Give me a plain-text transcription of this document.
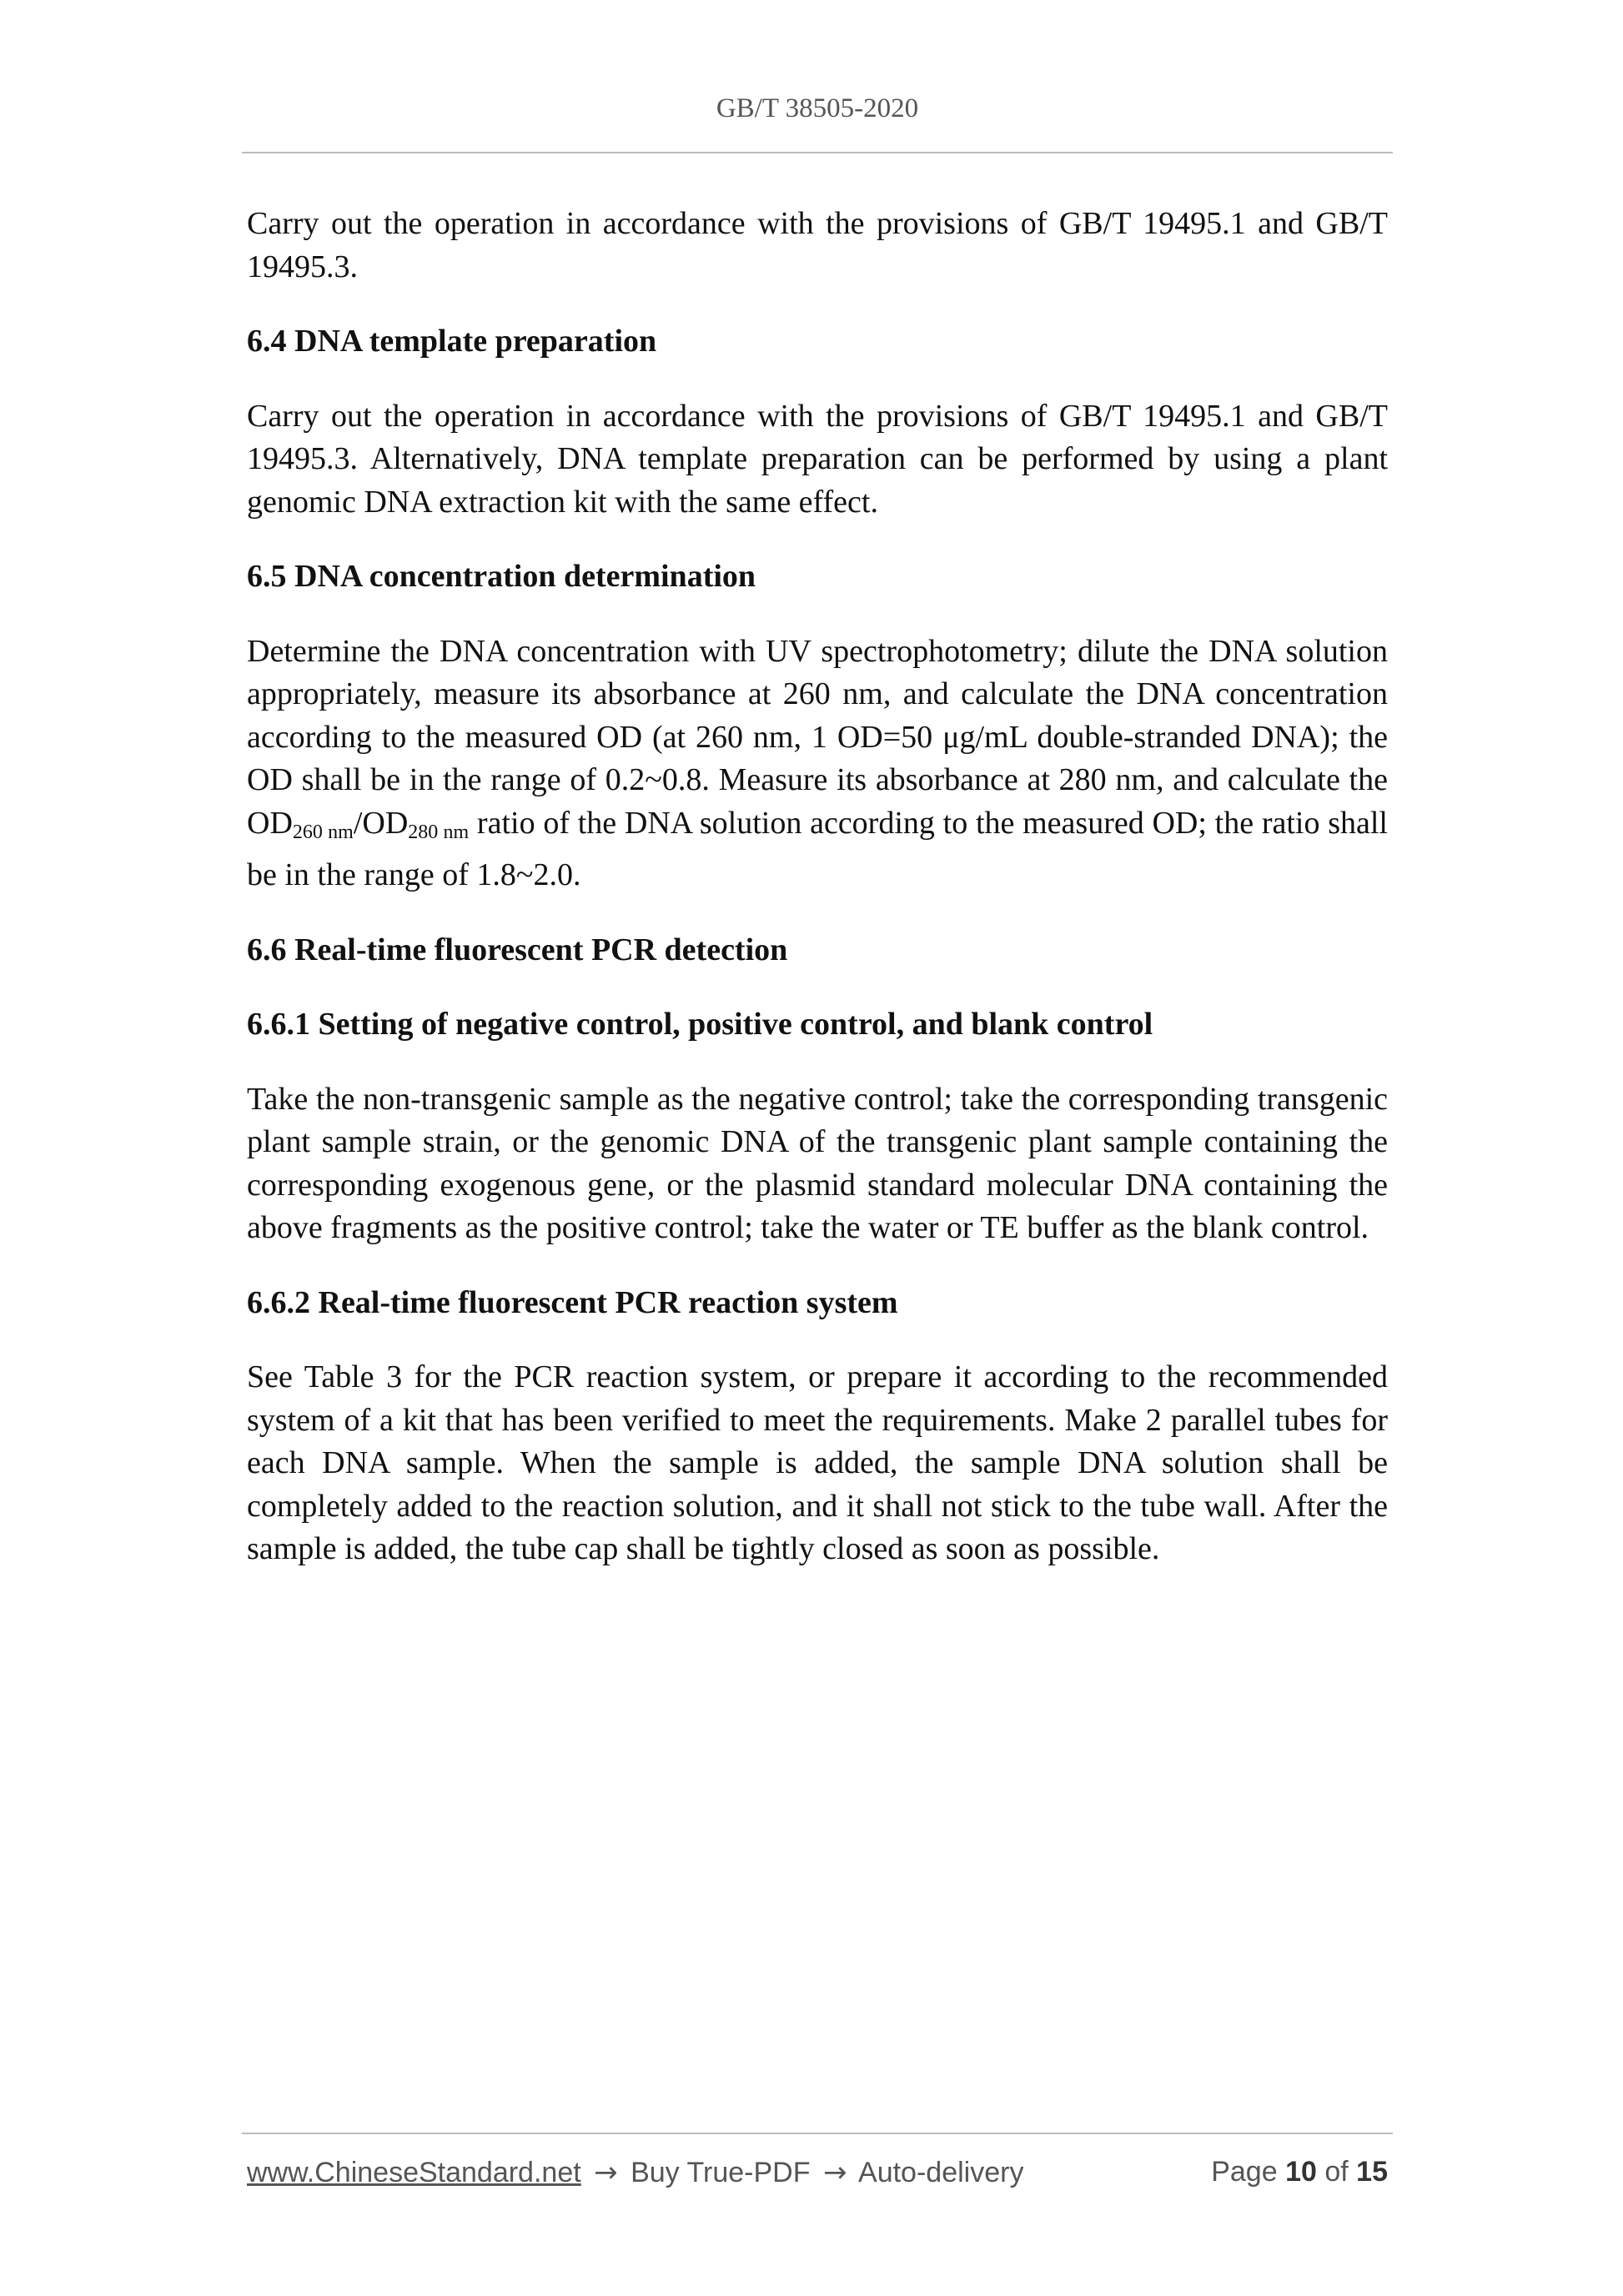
GB/T 38505-2020

Carry out the operation in accordance with the provisions of GB/T 19495.1 and GB/T 19495.3.

6.4 DNA template preparation

Carry out the operation in accordance with the provisions of GB/T 19495.1 and GB/T 19495.3. Alternatively, DNA template preparation can be performed by using a plant genomic DNA extraction kit with the same effect.

6.5 DNA concentration determination

Determine the DNA concentration with UV spectrophotometry; dilute the DNA solution appropriately, measure its absorbance at 260 nm, and calculate the DNA concentration according to the measured OD (at 260 nm, 1 OD=50 μg/mL double-stranded DNA); the OD shall be in the range of 0.2~0.8. Measure its absorbance at 280 nm, and calculate the $OD_{260 nm}/OD_{280 nm}$ ratio of the DNA solution according to the measured OD; the ratio shall be in the range of 1.8~2.0.

6.6 Real-time fluorescent PCR detection

6.6.1 Setting of negative control, positive control, and blank control

Take the non-transgenic sample as the negative control; take the corresponding transgenic plant sample strain, or the genomic DNA of the transgenic plant sample containing the corresponding exogenous gene, or the plasmid standard molecular DNA containing the above fragments as the positive control; take the water or TE buffer as the blank control.

6.6.2 Real-time fluorescent PCR reaction system

See Table 3 for the PCR reaction system, or prepare it according to the recommended system of a kit that has been verified to meet the requirements. Make 2 parallel tubes for each DNA sample. When the sample is added, the sample DNA solution shall be completely added to the reaction solution, and it shall not stick to the tube wall. After the sample is added, the tube cap shall be tightly closed as soon as possible.

www.ChineseStandard.net → Buy True-PDF → Auto-delivery	Page 10 of 15
